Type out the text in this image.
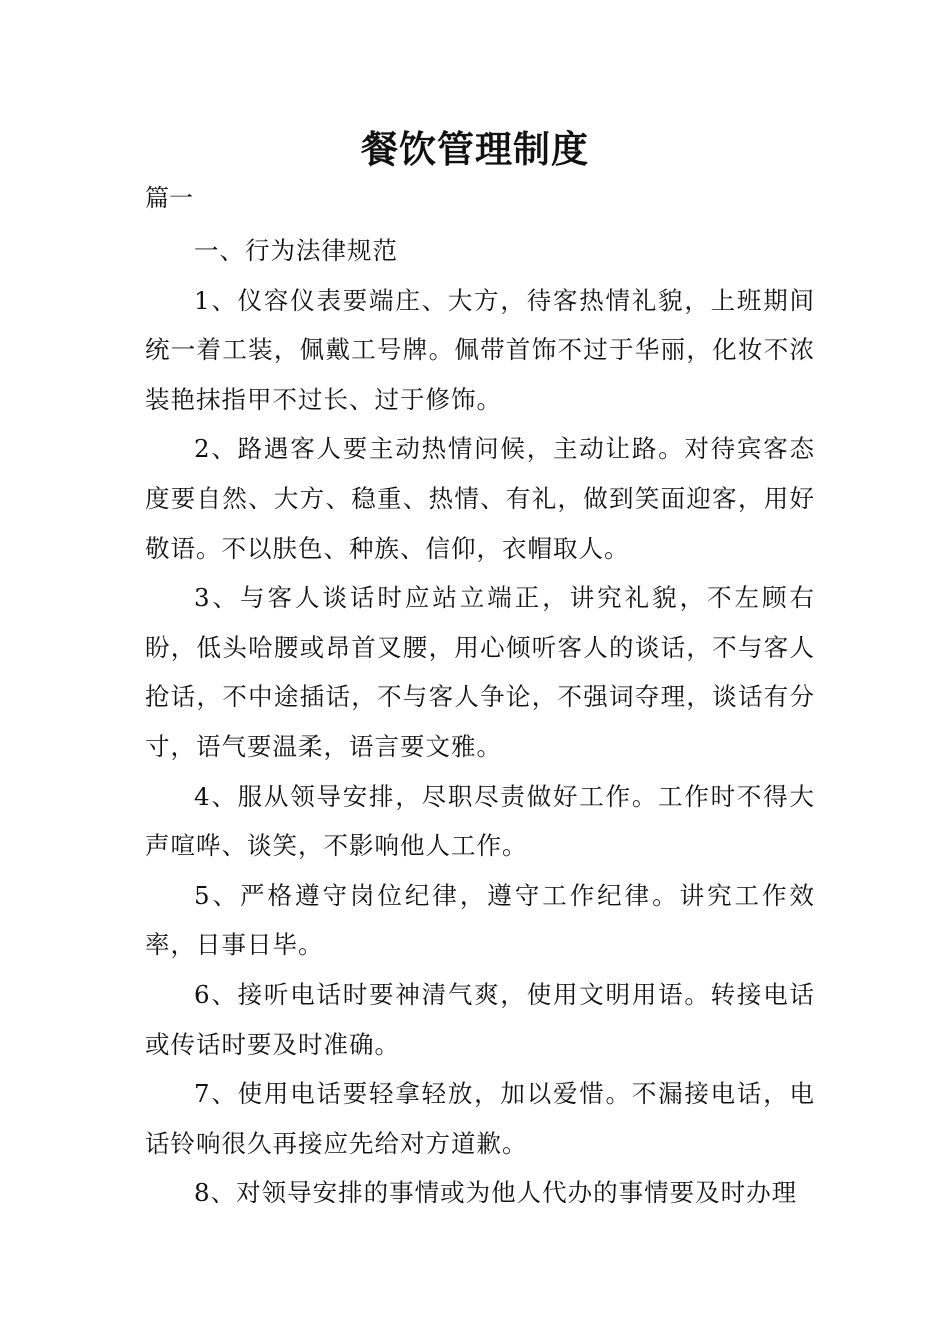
餐饮管理制度
篇一

一、行为法律规范

1、仪容仪表要端庄、大方，待客热情礼貌，上班期间统一着工装，佩戴工号牌。佩带首饰不过于华丽，化妆不浓装艳抹指甲不过长、过于修饰。

2、路遇客人要主动热情问候，主动让路。对待宾客态度要自然、大方、稳重、热情、有礼，做到笑面迎客，用好敬语。不以肤色、种族、信仰，衣帽取人。

3、与客人谈话时应站立端正，讲究礼貌，不左顾右盼，低头哈腰或昂首叉腰，用心倾听客人的谈话，不与客人抢话，不中途插话，不与客人争论，不强词夺理，谈话有分寸，语气要温柔，语言要文雅。

4、服从领导安排，尽职尽责做好工作。工作时不得大声喧哗、谈笑，不影响他人工作。

5、严格遵守岗位纪律，遵守工作纪律。讲究工作效率，日事日毕。

6、接听电话时要神清气爽，使用文明用语。转接电话或传话时要及时准确。

7、使用电话要轻拿轻放，加以爱惜。不漏接电话，电话铃响很久再接应先给对方道歉。

8、对领导安排的事情或为他人代办的事情要及时办理
